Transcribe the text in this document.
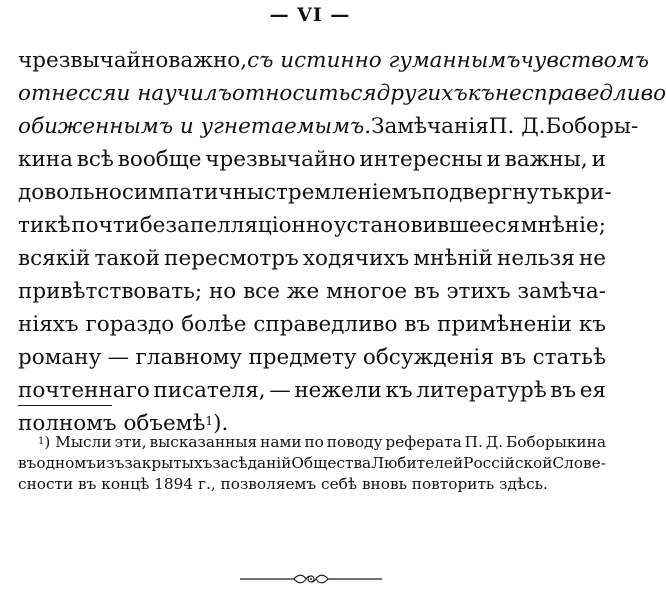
— VI —
чрезвычайно важно, съ истинно гуманнымъ чувствомъ
отнесся и научилъ относиться другихъ къ несправедливо
обиженнымъ и угнетаемымъ. Замѣчанія П. Д. Боборы-
кина всѣ вообще чрезвычайно интересны и важны, и
довольно симпатичны стремленіемъ подвергнуть кри-
тикѣ почти безапелляціонно установившееся мнѣніе;
всякій такой пересмотръ ходячихъ мнѣній нельзя не
привѣтствовать; но все же многое въ этихъ замѣча-
ніяхъ гораздо болѣе справедливо въ примѣненіи къ
роману — главному предмету обсужденія въ статьѣ
почтеннаго писателя, — нежели къ литературѣ въ ея
полномъ объемѣ$^1$ ).
$^1$) Мысли эти, высказанныя нами по поводу реферата П. Д. Боборыкина
въ одномъ изъ закрытыхъ засѣданій Общества Любителей Россійской Слове-
сности въ концѣ 1894 г., позволяемъ себѣ вновь повторить здѣсь.
